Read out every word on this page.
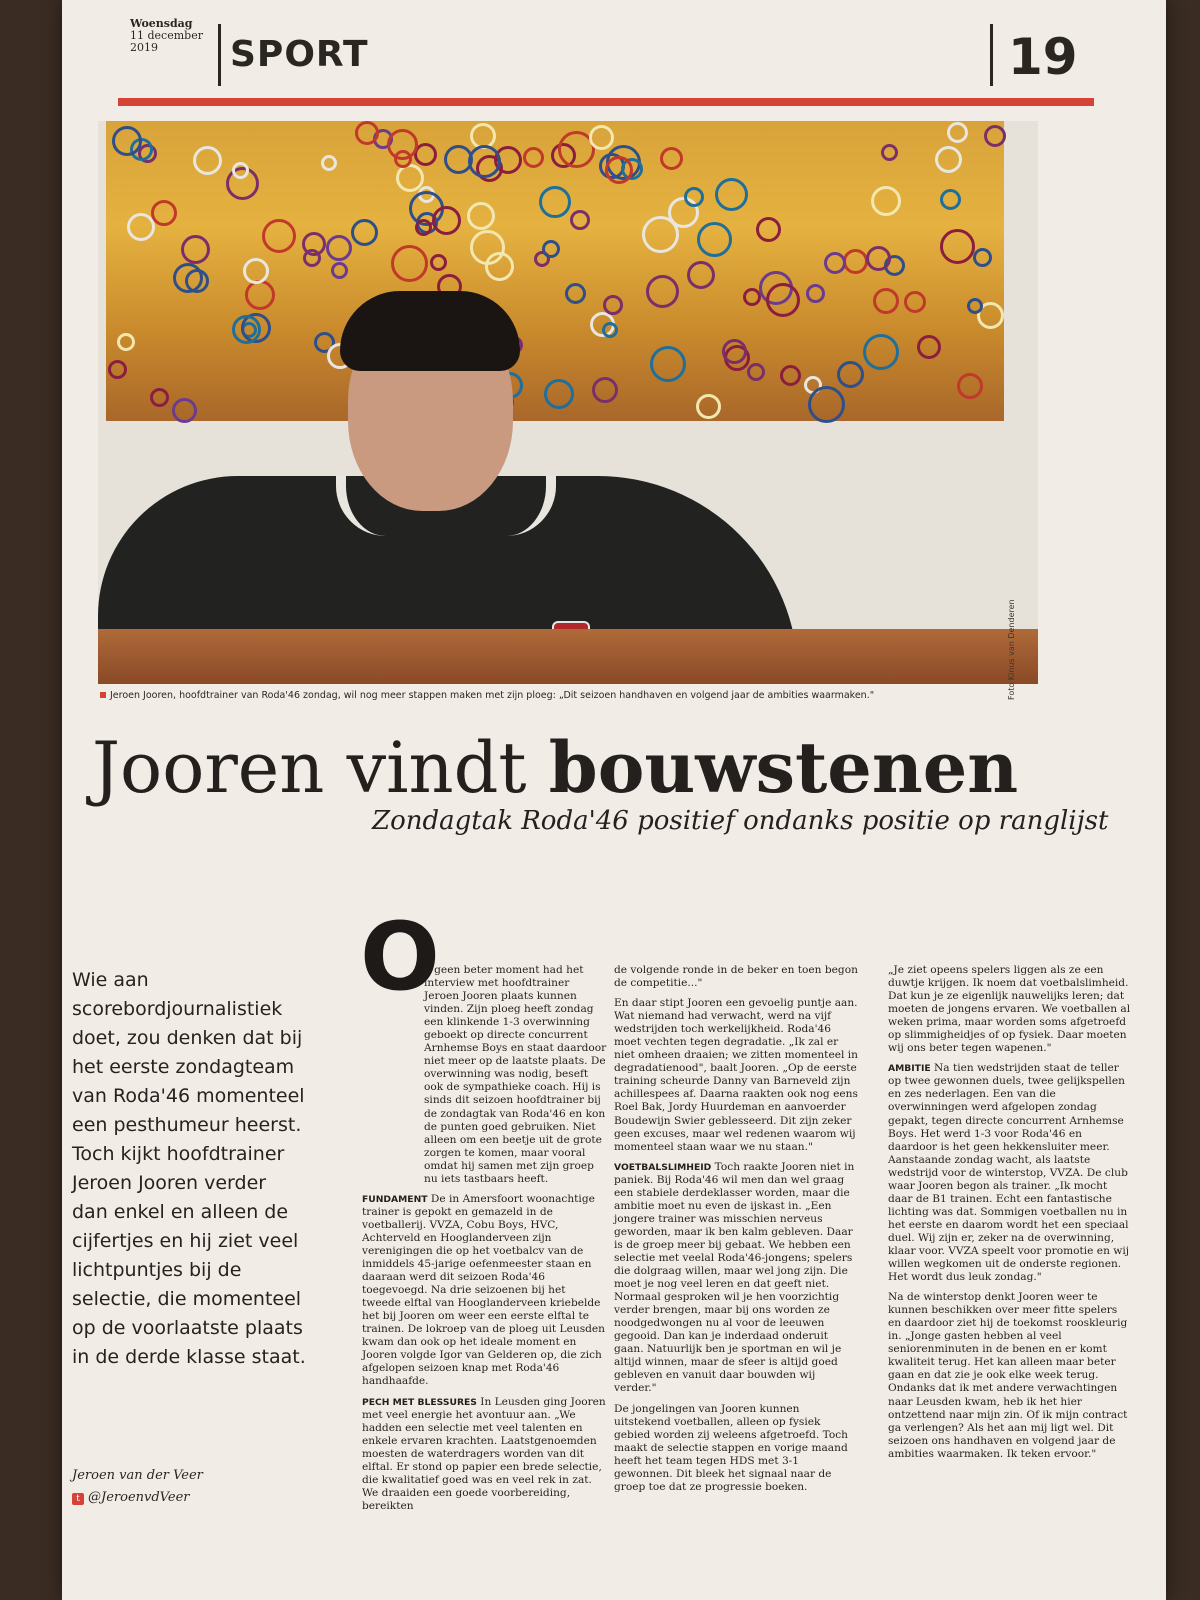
Woensdag
11 december
2019	SPORT	19
Foto Kinus van Denderen
Jeroen Jooren, hoofdtrainer van Roda'46 zondag, wil nog meer stappen maken met zijn ploeg: „Dit seizoen handhaven en volgend jaar de ambities waarmaken."
Jooren vindt bouwstenen
Zondagtak Roda'46 positief ondanks positie op ranglijst
Wie aan scorebordjournalistiek doet, zou denken dat bij het eerste zondagteam van Roda'46 momenteel een pesthumeur heerst. Toch kijkt hoofdtrainer Jeroen Jooren verder dan enkel en alleen de cijfertjes en hij ziet veel lichtpuntjes bij de selectie, die momenteel op de voorlaatste plaats in de derde klasse staat.
Jeroen van der Veer
t @JeroenvdVeer
O

p geen beter moment had het interview met hoofdtrainer Jeroen Jooren plaats kunnen vinden. Zijn ploeg heeft zondag een klinkende 1-3 overwinning geboekt op directe concurrent Arnhemse Boys en staat daardoor niet meer op de laatste plaats. De overwinning was nodig, beseft ook de sympathieke coach. Hij is sinds dit seizoen hoofdtrainer bij de zondagtak van Roda'46 en kon de punten goed gebruiken. Niet alleen om een beetje uit de grote zorgen te komen, maar vooral omdat hij samen met zijn groep nu iets tastbaars heeft.

FUNDAMENT De in Amersfoort woonachtige trainer is gepokt en gemazeld in de voetballerij. VVZA, Cobu Boys, HVC, Achterveld en Hooglanderveen zijn verenigingen die op het voetbalcv van de inmiddels 45-jarige oefenmeester staan en daaraan werd dit seizoen Roda'46 toegevoegd. Na drie seizoenen bij het tweede elftal van Hooglanderveen kriebelde het bij Jooren om weer een eerste elftal te trainen. De lokroep van de ploeg uit Leusden kwam dan ook op het ideale moment en Jooren volgde Igor van Gelderen op, die zich afgelopen seizoen knap met Roda'46 handhaafde.

PECH MET BLESSURES In Leusden ging Jooren met veel energie het avontuur aan. „We hadden een selectie met veel talenten en enkele ervaren krachten. Laatstgenoemden moesten de waterdragers worden van dit elftal. Er stond op papier een brede selectie, die kwalitatief goed was en veel rek in zat. We draaiden een goede voorbereiding, bereikten

de volgende ronde in de beker en toen begon de competitie..."

En daar stipt Jooren een gevoelig puntje aan. Wat niemand had verwacht, werd na vijf wedstrijden toch werkelijkheid. Roda'46 moet vechten tegen degradatie. „Ik zal er niet omheen draaien; we zitten momenteel in degradatienood", baalt Jooren. „Op de eerste training scheurde Danny van Barneveld zijn achillespees af. Daarna raakten ook nog eens Roel Bak, Jordy Huurdeman en aanvoerder Boudewijn Swier geblesseerd. Dit zijn zeker geen excuses, maar wel redenen waarom wij momenteel staan waar we nu staan."

VOETBALSLIMHEID Toch raakte Jooren niet in paniek. Bij Roda'46 wil men dan wel graag een stabiele derdeklasser worden, maar die ambitie moet nu even de ijskast in. „Een jongere trainer was misschien nerveus geworden, maar ik ben kalm gebleven. Daar is de groep meer bij gebaat. We hebben een selectie met veelal Roda'46-jongens; spelers die dolgraag willen, maar wel jong zijn. Die moet je nog veel leren en dat geeft niet. Normaal gesproken wil je hen voorzichtig verder brengen, maar bij ons worden ze noodgedwongen nu al voor de leeuwen gegooid. Dan kan je inderdaad onderuit gaan. Natuurlijk ben je sportman en wil je altijd winnen, maar de sfeer is altijd goed gebleven en vanuit daar bouwden wij verder."

De jongelingen van Jooren kunnen uitstekend voetballen, alleen op fysiek gebied worden zij weleens afgetroefd. Toch maakt de selectie stappen en vorige maand heeft het team tegen HDS met 3-1 gewonnen. Dit bleek het signaal naar de groep toe dat ze progressie boeken.

„Je ziet opeens spelers liggen als ze een duwtje krijgen. Ik noem dat voetbalslimheid. Dat kun je ze eigenlijk nauwelijks leren; dat moeten de jongens ervaren. We voetballen al weken prima, maar worden soms afgetroefd op slimmigheidjes of op fysiek. Daar moeten wij ons beter tegen wapenen."

AMBITIE Na tien wedstrijden staat de teller op twee gewonnen duels, twee gelijkspellen en zes nederlagen. Een van die overwinningen werd afgelopen zondag gepakt, tegen directe concurrent Arnhemse Boys. Het werd 1-3 voor Roda'46 en daardoor is het geen hekkensluiter meer. Aanstaande zondag wacht, als laatste wedstrijd voor de winterstop, VVZA. De club waar Jooren begon als trainer. „Ik mocht daar de B1 trainen. Echt een fantastische lichting was dat. Sommigen voetballen nu in het eerste en daarom wordt het een speciaal duel. Wij zijn er, zeker na de overwinning, klaar voor. VVZA speelt voor promotie en wij willen wegkomen uit de onderste regionen. Het wordt dus leuk zondag."

Na de winterstop denkt Jooren weer te kunnen beschikken over meer fitte spelers en daardoor ziet hij de toekomst rooskleurig in. „Jonge gasten hebben al veel seniorenminuten in de benen en er komt kwaliteit terug. Het kan alleen maar beter gaan en dat zie je ook elke week terug. Ondanks dat ik met andere verwachtingen naar Leusden kwam, heb ik het hier ontzettend naar mijn zin. Of ik mijn contract ga verlengen? Als het aan mij ligt wel. Dit seizoen ons handhaven en volgend jaar de ambities waarmaken. Ik teken ervoor."
